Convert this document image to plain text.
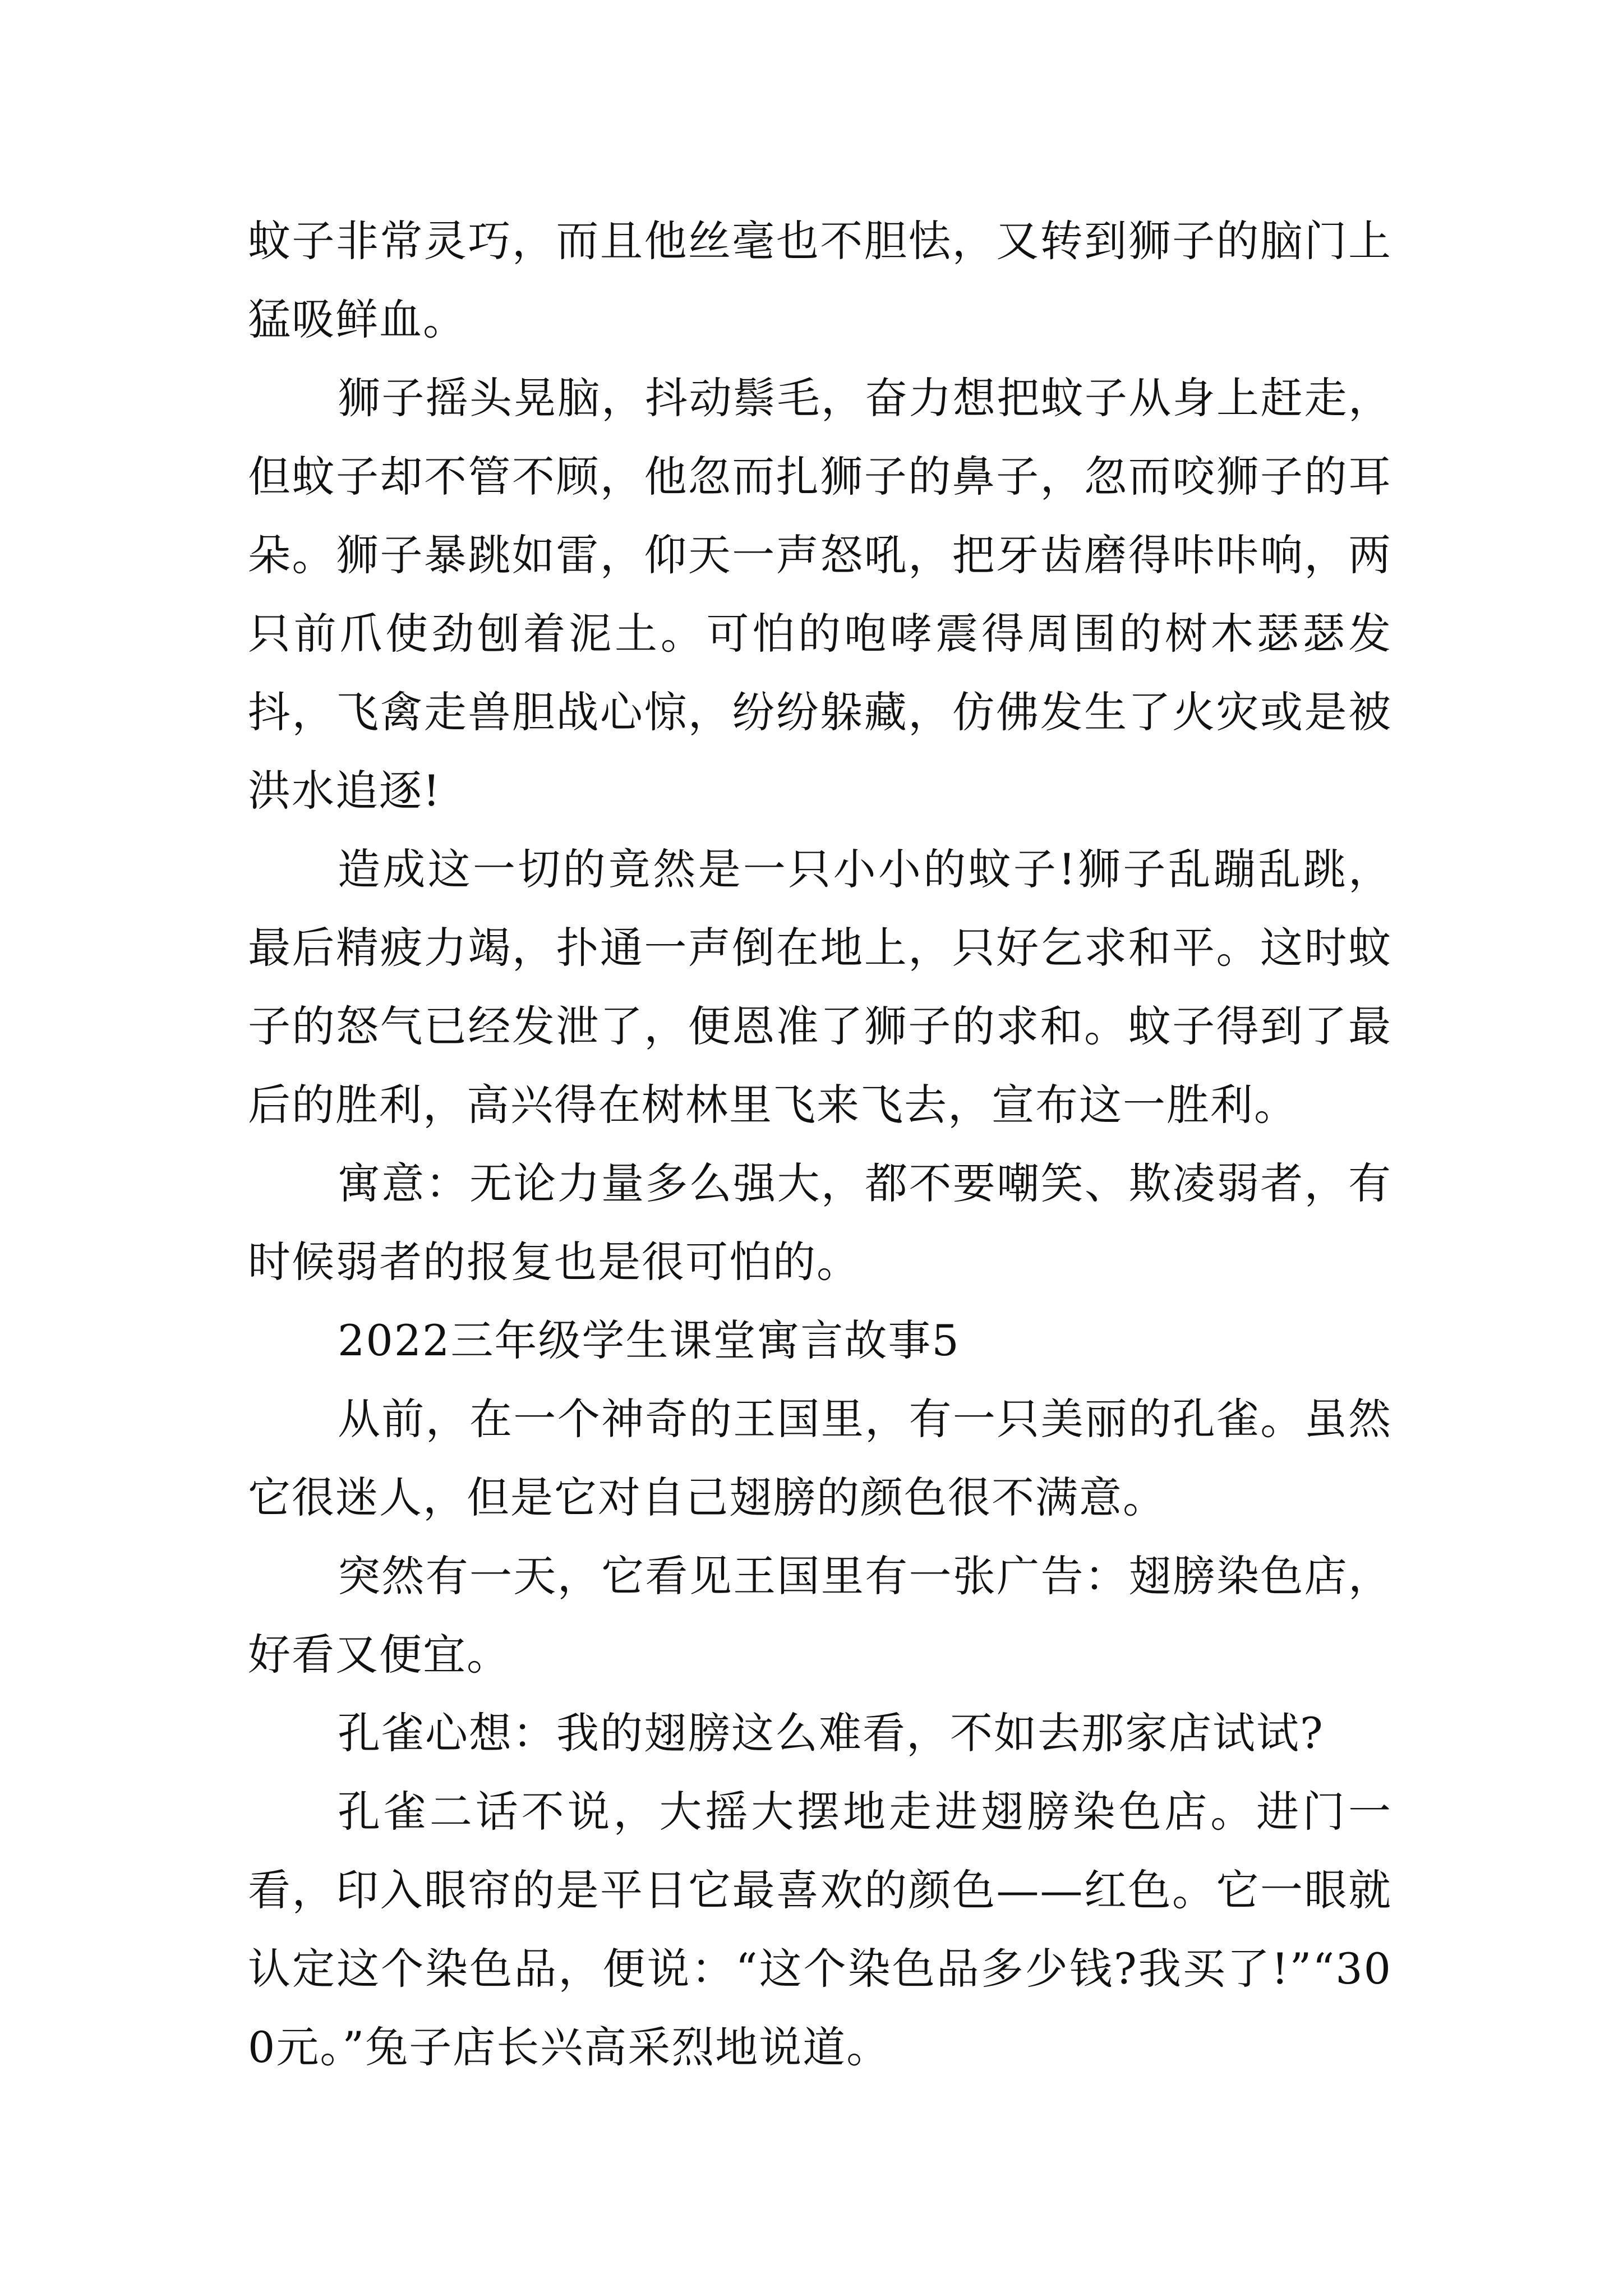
蚊子非常灵巧，而且他丝毫也不胆怯，又转到狮子的脑门上猛吸鲜血。

狮子摇头晃脑，抖动鬃毛，奋力想把蚊子从身上赶走，但蚊子却不管不顾，他忽而扎狮子的鼻子，忽而咬狮子的耳朵。狮子暴跳如雷，仰天一声怒吼，把牙齿磨得咔咔响，两只前爪使劲刨着泥土。可怕的咆哮震得周围的树木瑟瑟发抖，飞禽走兽胆战心惊，纷纷躲藏，仿佛发生了火灾或是被洪水追逐!

造成这一切的竟然是一只小小的蚊子!狮子乱蹦乱跳，最后精疲力竭，扑通一声倒在地上，只好乞求和平。这时蚊子的怒气已经发泄了，便恩准了狮子的求和。蚊子得到了最后的胜利，高兴得在树林里飞来飞去，宣布这一胜利。

寓意：无论力量多么强大，都不要嘲笑、欺凌弱者，有时候弱者的报复也是很可怕的。

2022三年级学生课堂寓言故事5

从前，在一个神奇的王国里，有一只美丽的孔雀。虽然它很迷人，但是它对自己翅膀的颜色很不满意。

突然有一天，它看见王国里有一张广告：翅膀染色店，好看又便宜。

孔雀心想：我的翅膀这么难看，不如去那家店试试?

孔雀二话不说，大摇大摆地走进翅膀染色店。进门一看，印入眼帘的是平日它最喜欢的颜色——红色。它一眼就认定这个染色品，便说：“这个染色品多少钱?我买了!”“300元。”兔子店长兴高采烈地说道。
